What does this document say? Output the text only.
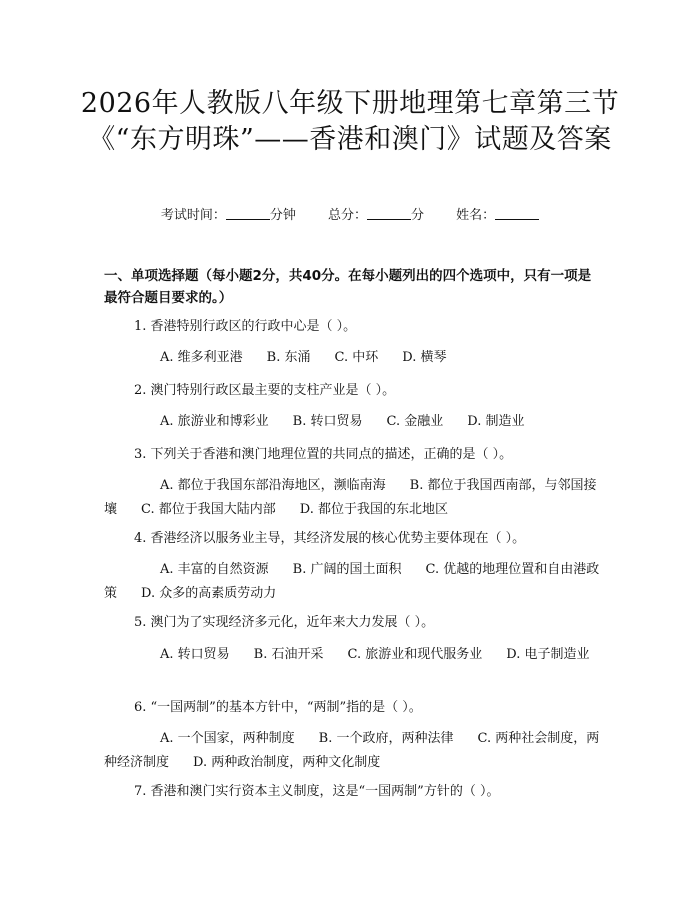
2026年人教版八年级下册地理第七章第三节《“东方明珠”——香港和澳门》试题及答案
考试时间：	分钟 总分：	分 姓名：
一、单项选择题（每小题2分，共40分。在每小题列出的四个选项中，只有一项是最符合题目要求的。）
1. 香港特别行政区的行政中心是（ ）。
A. 维多利亚港 B. 东涌 C. 中环 D. 横琴
2. 澳门特别行政区最主要的支柱产业是（ ）。
A. 旅游业和博彩业 B. 转口贸易 C. 金融业 D. 制造业
3. 下列关于香港和澳门地理位置的共同点的描述，正确的是（ ）。
A. 都位于我国东部沿海地区，濒临南海 B. 都位于我国西南部，与邻国接壤 C. 都位于我国大陆内部 D. 都位于我国的东北地区
4. 香港经济以服务业主导，其经济发展的核心优势主要体现在（ ）。
A. 丰富的自然资源 B. 广阔的国土面积 C. 优越的地理位置和自由港政策 D. 众多的高素质劳动力
5. 澳门为了实现经济多元化，近年来大力发展（ ）。
A. 转口贸易 B. 石油开采 C. 旅游业和现代服务业 D. 电子制造业
6. “一国两制”的基本方针中，“两制”指的是（ ）。
A. 一个国家，两种制度 B. 一个政府，两种法律 C. 两种社会制度，两种经济制度 D. 两种政治制度，两种文化制度
7. 香港和澳门实行资本主义制度，这是“一国两制”方针的（ ）。
